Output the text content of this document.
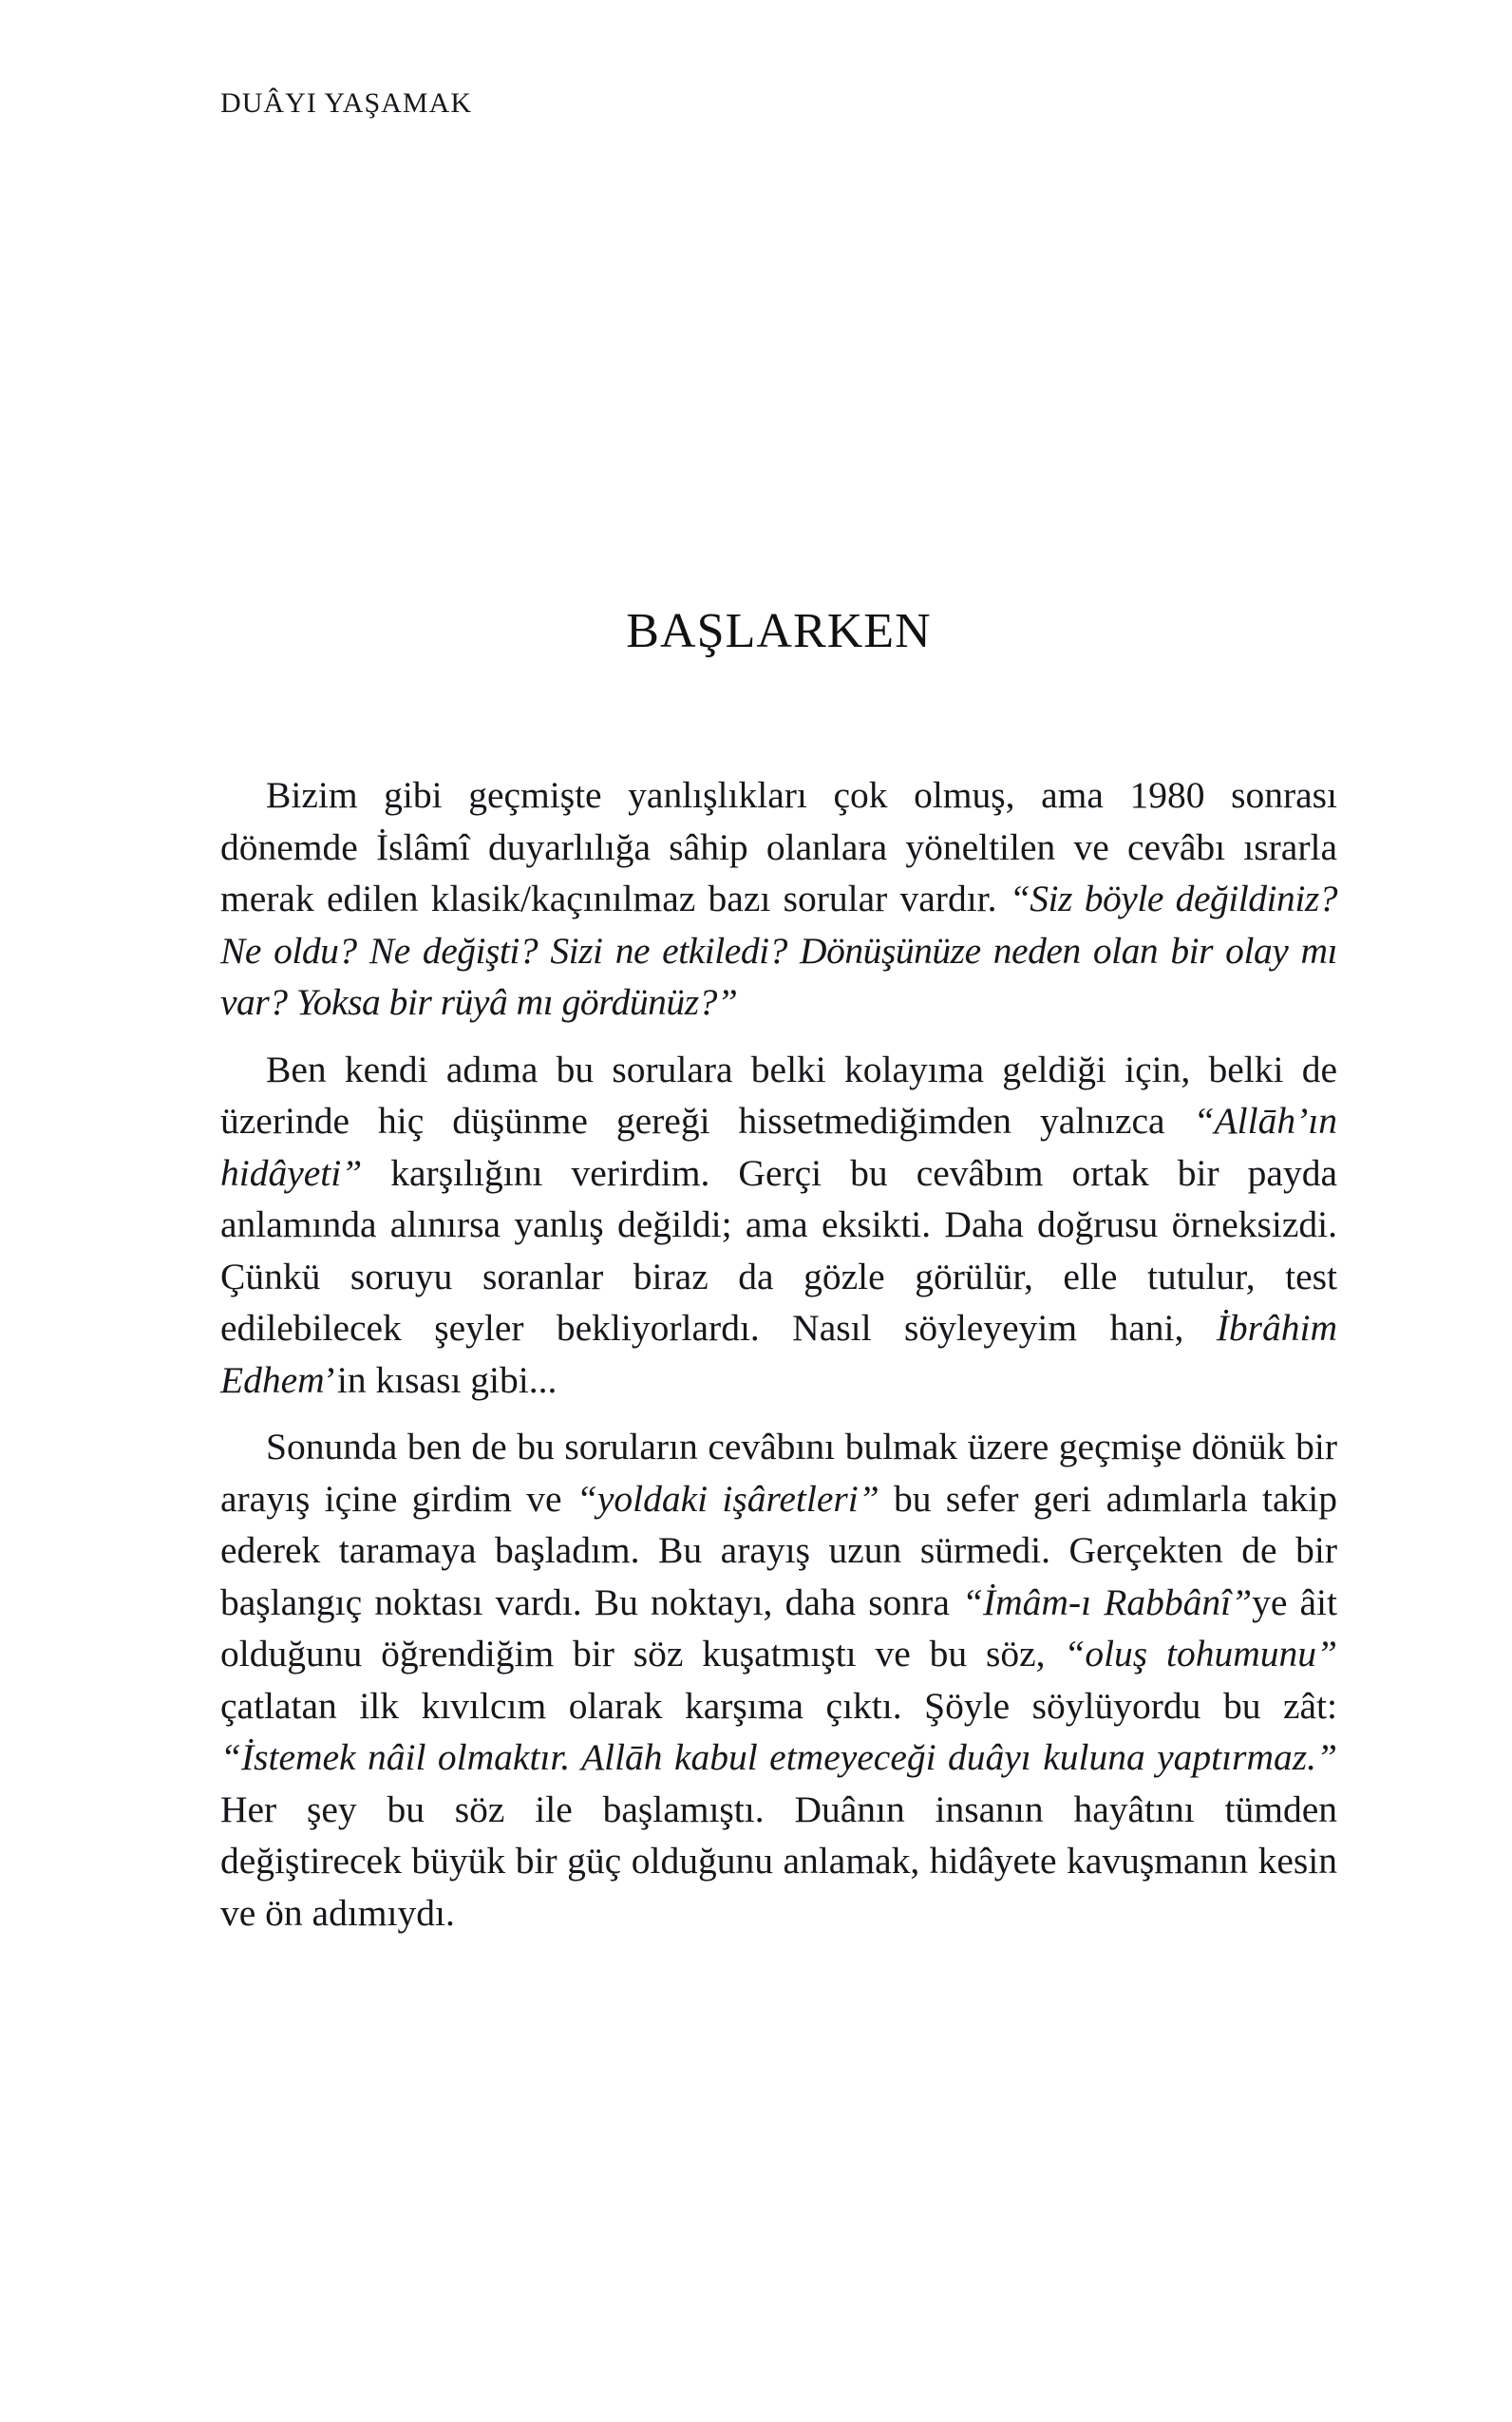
DUÂYI YAŞAMAK
BAŞLARKEN

Bizim gibi geçmişte yanlışlıkları çok olmuş, ama 1980 sonrası dönemde İslâmî duyarlılığa sâhip olanlara yöneltilen ve cevâbı ısrarla merak edilen klasik/kaçınılmaz bazı sorular vardır. “Siz böyle değildiniz? Ne oldu? Ne değişti? Sizi ne etkiledi? Dönüşünüze neden olan bir olay mı var? Yoksa bir rüyâ mı gördünüz?”

Ben kendi adıma bu sorulara belki kolayıma geldiği için, belki de üzerinde hiç düşünme gereği hissetmediğimden yalnızca “Allāh’ın hidâyeti” karşılığını verirdim. Gerçi bu cevâbım ortak bir payda anlamında alınırsa yanlış değildi; ama eksikti. Daha doğrusu örneksizdi. Çünkü soruyu soranlar biraz da gözle görülür, elle tutulur, test edilebilecek şeyler bekliyorlardı. Nasıl söyleyeyim hani, İbrâhim Edhem’in kısası gibi...

Sonunda ben de bu soruların cevâbını bulmak üzere geçmişe dönük bir arayış içine girdim ve “yoldaki işâretleri” bu sefer geri adımlarla takip ederek taramaya başladım. Bu arayış uzun sürmedi. Gerçekten de bir başlangıç noktası vardı. Bu noktayı, daha sonra “İmâm-ı Rabbânî”ye âit olduğunu öğrendiğim bir söz kuşatmıştı ve bu söz, “oluş tohumunu” çatlatan ilk kıvılcım olarak karşıma çıktı. Şöyle söylüyordu bu zât: “İstemek nâil olmaktır. Allāh kabul etmeyeceği duâyı kuluna yaptırmaz.” Her şey bu söz ile başlamıştı. Duânın insanın hayâtını tümden değiştirecek büyük bir güç olduğunu anlamak, hidâyete kavuşmanın kesin ve ön adımıydı.
